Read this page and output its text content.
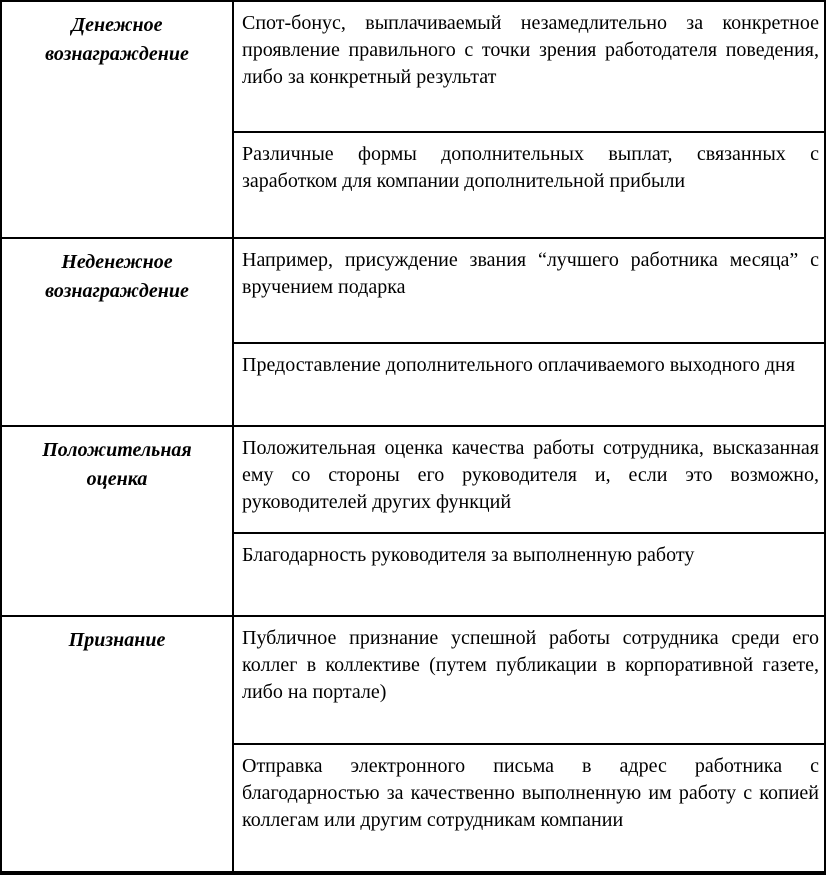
Денежное вознаграждение
Спот-бонус, выплачиваемый незамедлительно за конкретное проявление правильного с точки зрения работодателя поведения, либо за конкретный результат
Различные формы дополнительных выплат, связанных с заработком для компании дополнительной прибыли
Неденежное вознаграждение
Например, присуждение звания “лучшего работника месяца” с вручением подарка
Предоставление дополнительного оплачиваемого выходного дня
Положительная оценка
Положительная оценка качества работы сотрудника, высказанная ему со стороны его руководителя и, если это возможно, руководителей других функций
Благодарность руководителя за выполненную работу
Признание	Публичное признание успешной работы сотрудника среди его коллег в коллективе (путем публикации в корпоративной газете, либо на портале)
Отправка электронного письма в адрес работника с благодарностью за качественно выполненную им работу с копией коллегам или другим сотрудникам компании
